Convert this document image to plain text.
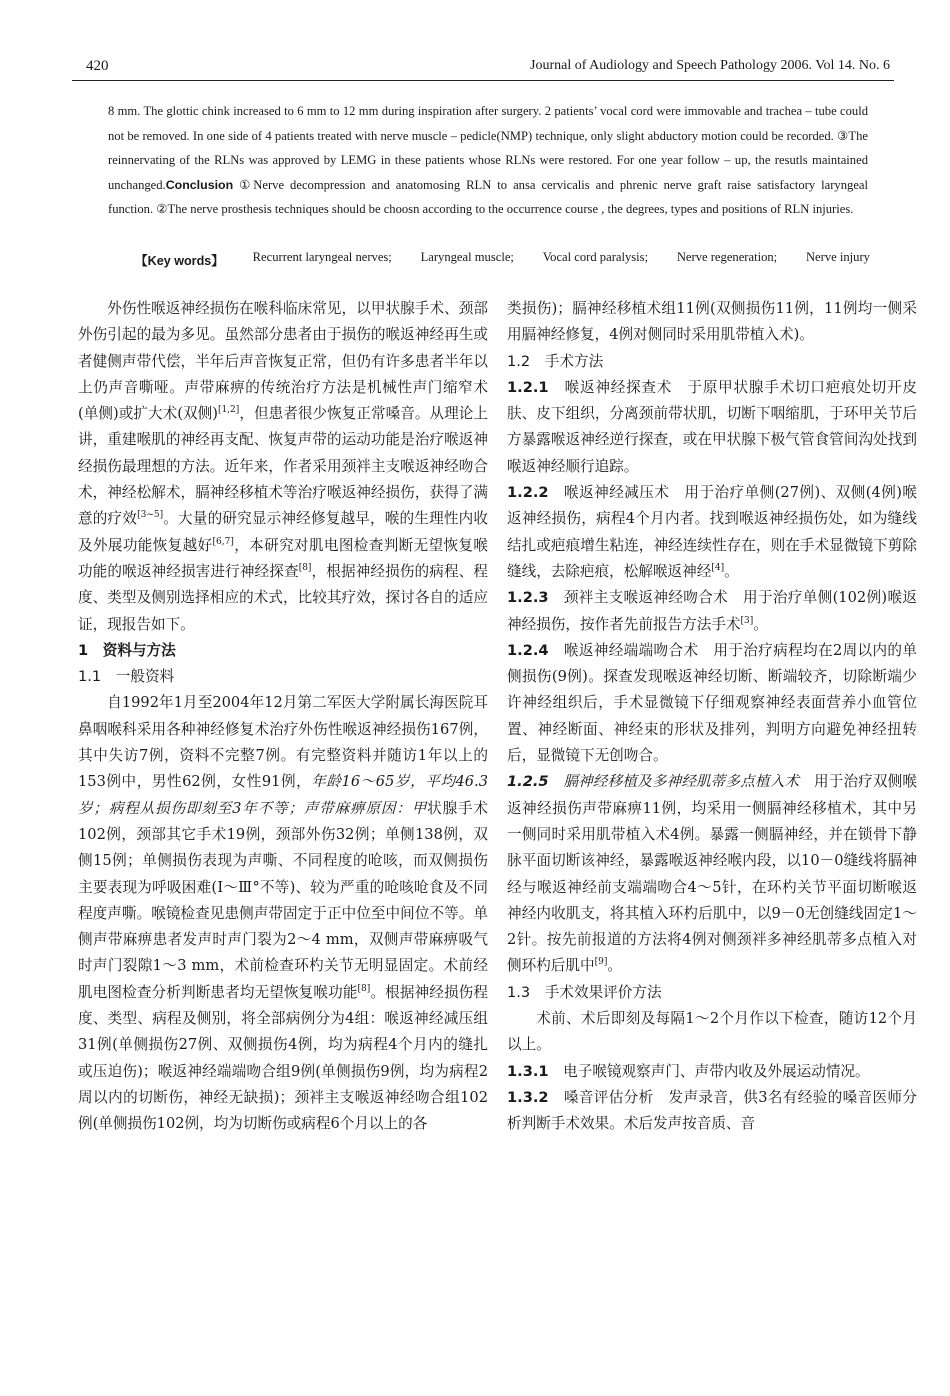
420	Journal of Audiology and Speech Pathology 2006. Vol 14. No. 6

8 mm. The glottic chink increased to 6 mm to 12 mm during inspiration after surgery. 2 patients’ vocal cord were immovable and trachea – tube could not be removed. In one side of 4 patients treated with nerve muscle – pedicle(NMP) technique, only slight abductory motion could be recorded. ③The reinnervating of the RLNs was approved by LEMG in these patients whose RLNs were restored. For one year follow – up, the resutls maintained unchanged.Conclusion ①Nerve decompression and anatomosing RLN to ansa cervicalis and phrenic nerve graft raise satisfactory laryngeal function. ②The nerve prosthesis techniques should be choosn according to the occurrence course , the degrees, types and positions of RLN injuries.

【Key words】 Recurrent laryngeal nerves; Laryngeal muscle; Vocal cord paralysis; Nerve regeneration; Nerve injury

外伤性喉返神经损伤在喉科临床常见，以甲状腺手术、颈部外伤引起的最为多见。虽然部分患者由于损伤的喉返神经再生或者健侧声带代偿，半年后声音恢复正常，但仍有许多患者半年以上仍声音嘶哑。声带麻痹的传统治疗方法是机械性声门缩窄术(单侧)或扩大术(双侧)[1,2]，但患者很少恢复正常嗓音。从理论上讲，重建喉肌的神经再支配、恢复声带的运动功能是治疗喉返神经损伤最理想的方法。近年来，作者采用颈袢主支喉返神经吻合术，神经松解术，膈神经移植术等治疗喉返神经损伤，获得了满意的疗效[3~5]。大量的研究显示神经修复越早，喉的生理性内收及外展功能恢复越好[6,7]，本研究对肌电图检查判断无望恢复喉功能的喉返神经损害进行神经探查[8]，根据神经损伤的病程、程度、类型及侧别选择相应的术式，比较其疗效，探讨各自的适应证，现报告如下。

1　资料与方法

1.1　一般资料

自1992年1月至2004年12月第二军医大学附属长海医院耳鼻咽喉科采用各种神经修复术治疗外伤性喉返神经损伤167例，其中失访7例，资料不完整7例。有完整资料并随访1年以上的153例中，男性62例，女性91例，年龄16～65岁，平均46.3岁；病程从损伤即刻至3年不等；声带麻痹原因：甲状腺手术102例，颈部其它手术19例，颈部外伤32例；单侧138例，双侧15例；单侧损伤表现为声嘶、不同程度的呛咳，而双侧损伤主要表现为呼吸困难(Ⅰ～Ⅲ°不等)、较为严重的呛咳呛食及不同程度声嘶。喉镜检查见患侧声带固定于正中位至中间位不等。单侧声带麻痹患者发声时声门裂为2～4 mm，双侧声带麻痹吸气时声门裂隙1～3 mm，术前检查环杓关节无明显固定。术前经肌电图检查分析判断患者均无望恢复喉功能[8]。根据神经损伤程度、类型、病程及侧别，将全部病例分为4组：喉返神经减压组31例(单侧损伤27例、双侧损伤4例，均为病程4个月内的缝扎或压迫伤)；喉返神经端端吻合组9例(单侧损伤9例，均为病程2周以内的切断伤，神经无缺损)；颈袢主支喉返神经吻合组102例(单侧损伤102例，均为切断伤或病程6个月以上的各

类损伤)；膈神经移植术组11例(双侧损伤11例，11例均一侧采用膈神经修复，4例对侧同时采用肌带植入术)。

1.2　手术方法

1.2.1　喉返神经探查术　于原甲状腺手术切口疤痕处切开皮肤、皮下组织，分离颈前带状肌，切断下咽缩肌，于环甲关节后方暴露喉返神经逆行探查，或在甲状腺下极气管食管间沟处找到喉返神经顺行追踪。

1.2.2　喉返神经减压术　用于治疗单侧(27例)、双侧(4例)喉返神经损伤，病程4个月内者。找到喉返神经损伤处，如为缝线结扎或疤痕增生粘连，神经连续性存在，则在手术显微镜下剪除缝线，去除疤痕，松解喉返神经[4]。

1.2.3　颈袢主支喉返神经吻合术　用于治疗单侧(102例)喉返神经损伤，按作者先前报告方法手术[3]。

1.2.4　喉返神经端端吻合术　用于治疗病程均在2周以内的单侧损伤(9例)。探查发现喉返神经切断、断端较齐，切除断端少许神经组织后，手术显微镜下仔细观察神经表面营养小血管位置、神经断面、神经束的形状及排列，判明方向避免神经扭转后，显微镜下无创吻合。

1.2.5　膈神经移植及多神经肌蒂多点植入术　用于治疗双侧喉返神经损伤声带麻痹11例，均采用一侧膈神经移植术，其中另一侧同时采用肌带植入术4例。暴露一侧膈神经，并在锁骨下静脉平面切断该神经，暴露喉返神经喉内段，以10－0缝线将膈神经与喉返神经前支端端吻合4～5针，在环杓关节平面切断喉返神经内收肌支，将其植入环杓后肌中，以9－0无创缝线固定1～2针。按先前报道的方法将4例对侧颈袢多神经肌蒂多点植入对侧环杓后肌中[9]。

1.3　手术效果评价方法

术前、术后即刻及每隔1～2个月作以下检查，随访12个月以上。

1.3.1　电子喉镜观察声门、声带内收及外展运动情况。

1.3.2　嗓音评估分析　发声录音，供3名有经验的嗓音医师分析判断手术效果。术后发声按音质、音
